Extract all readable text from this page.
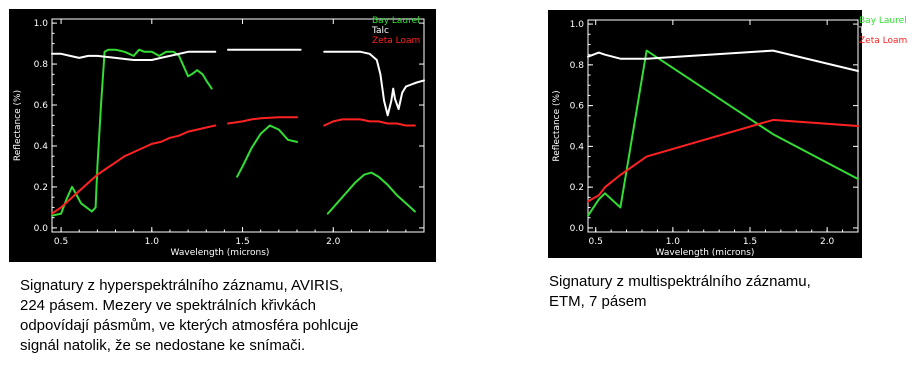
0.0
0.2
0.4
0.6
0.8
1.0
0.5	1.0	1.5	2.0
Wavelength (microns)
Reflectance (%)
Bay Laurel
Talc
Zeta Loam
0.0
0.2
0.4
0.6
0.8
1.0
0.5	1.0	1.5	2.0
Wavelength (microns)
Reflectance (%)
Bay Laurel
Talc
Zeta Loam
Signatury z hyperspektrálního záznamu, AVIRIS,
224 pásem. Mezery ve spektrálních křivkách
odpovídají pásmům, ve kterých atmosféra pohlcuje
signál natolik, že se nedostane ke snímači.
Signatury z multispektrálního záznamu,
ETM, 7 pásem
